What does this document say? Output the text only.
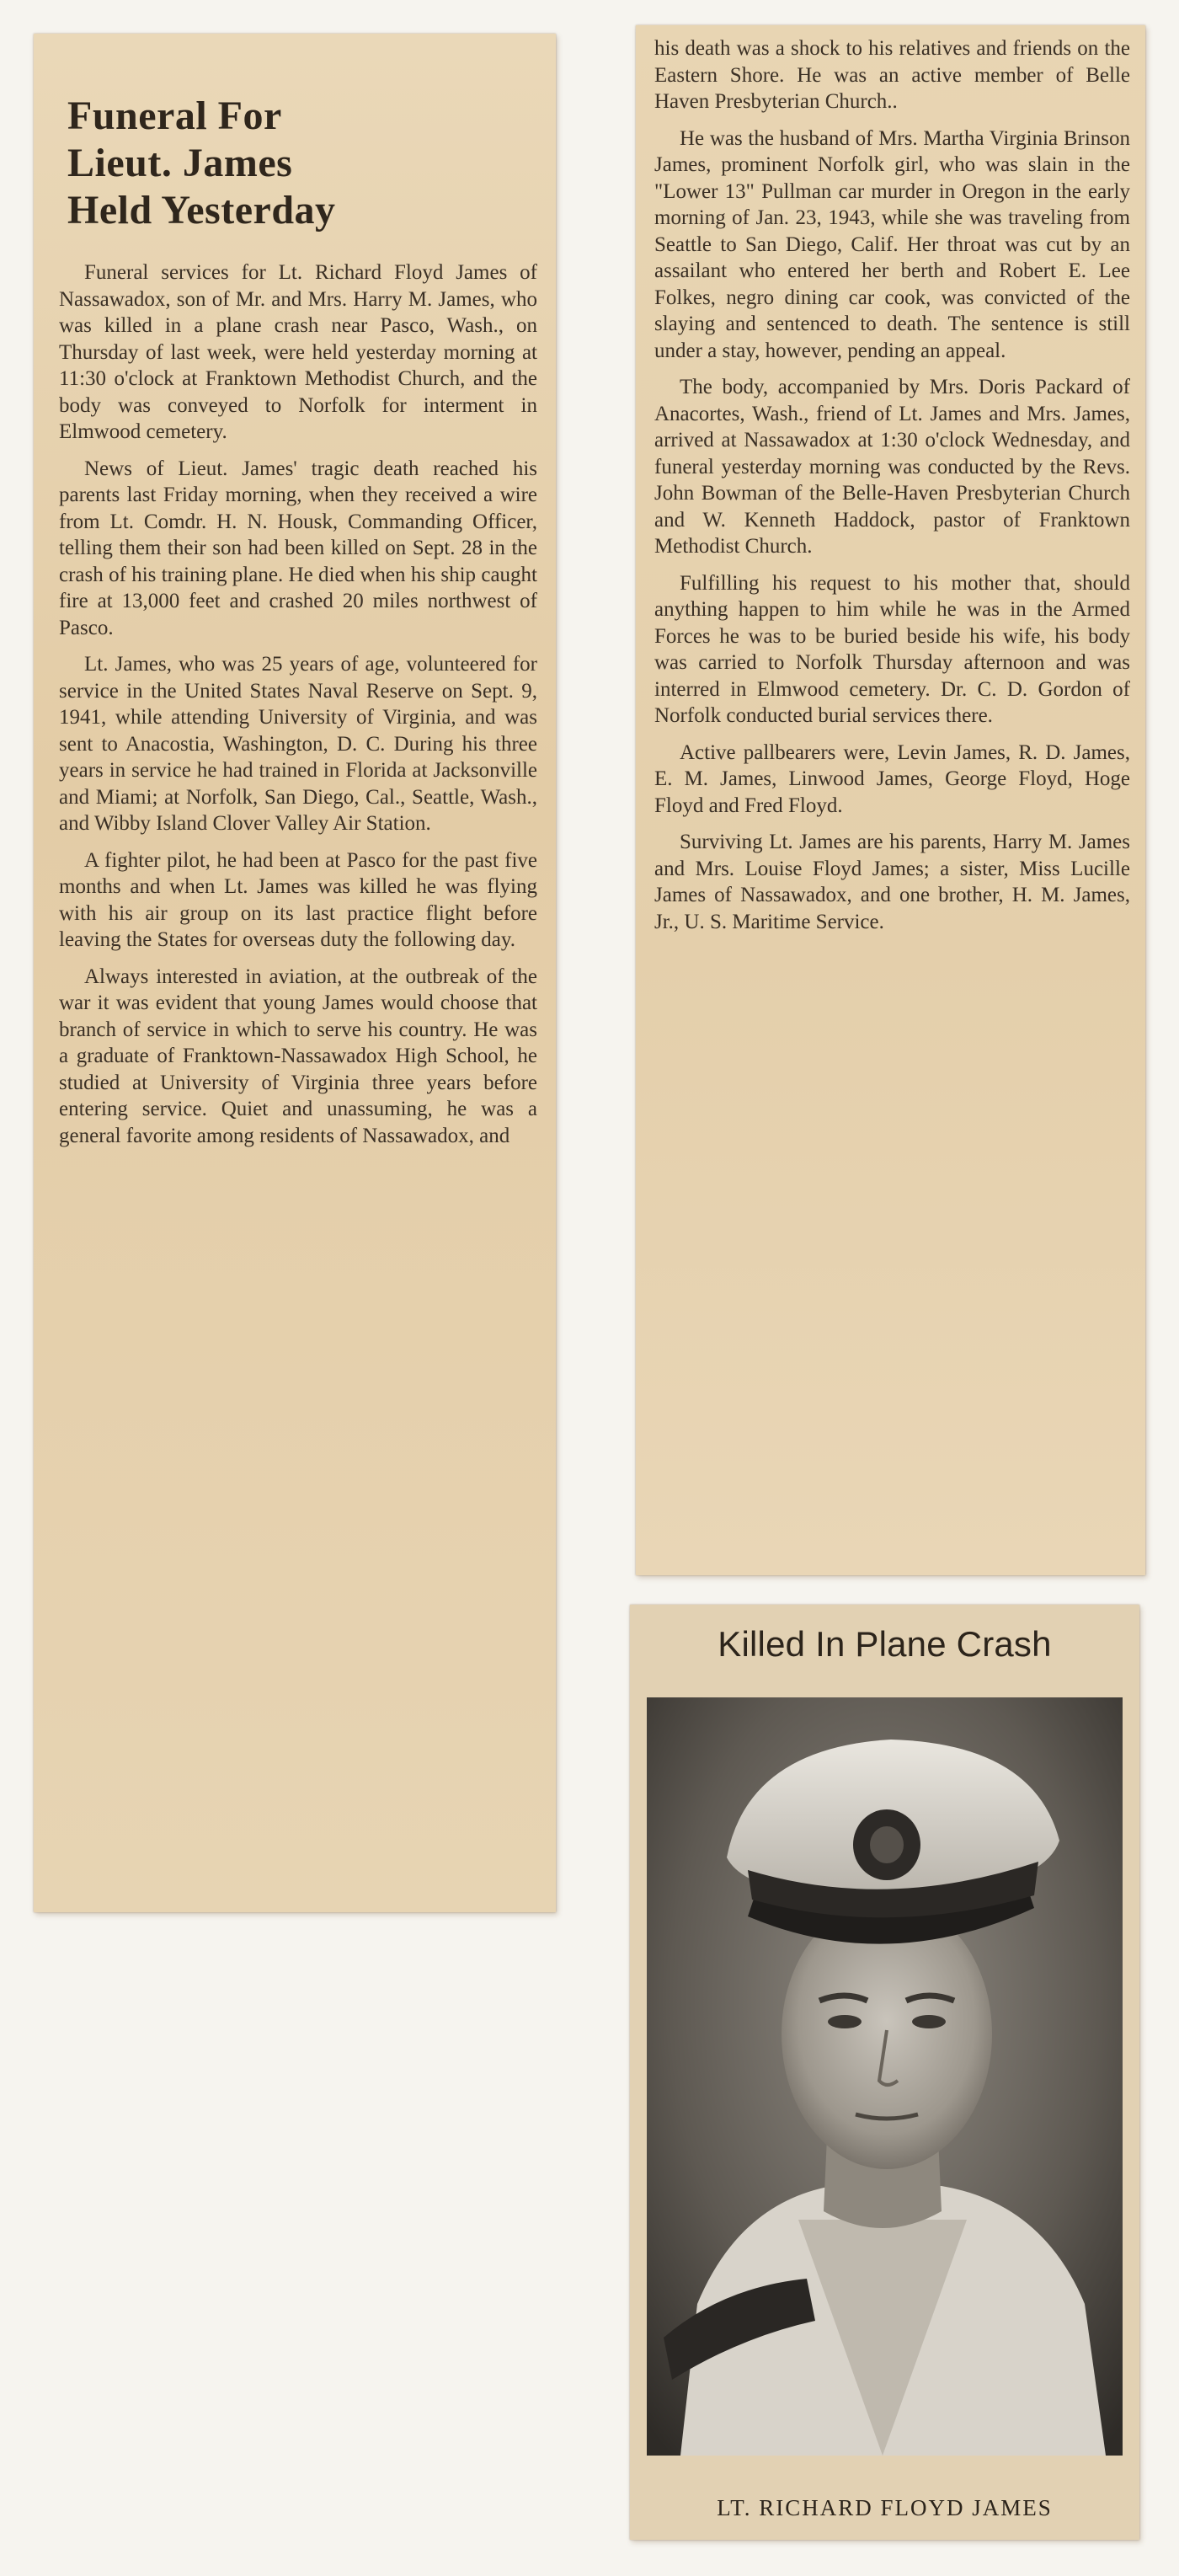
Funeral For
Lieut. James
Held Yesterday

Funeral services for Lt. Richard Floyd James of Nassawadox, son of Mr. and Mrs. Harry M. James, who was killed in a plane crash near Pasco, Wash., on Thursday of last week, were held yesterday morning at 11:30 o'clock at Franktown Methodist Church, and the body was conveyed to Norfolk for interment in Elmwood cemetery.

News of Lieut. James' tragic death reached his parents last Friday morning, when they received a wire from Lt. Comdr. H. N. Housk, Commanding Officer, telling them their son had been killed on Sept. 28 in the crash of his training plane. He died when his ship caught fire at 13,000 feet and crashed 20 miles northwest of Pasco.

Lt. James, who was 25 years of age, volunteered for service in the United States Naval Reserve on Sept. 9, 1941, while attending University of Virginia, and was sent to Anacostia, Washington, D. C. During his three years in service he had trained in Florida at Jacksonville and Miami; at Norfolk, San Diego, Cal., Seattle, Wash., and Wibby Island Clover Valley Air Station.

A fighter pilot, he had been at Pasco for the past five months and when Lt. James was killed he was flying with his air group on its last practice flight before leaving the States for overseas duty the following day.

Always interested in aviation, at the outbreak of the war it was evident that young James would choose that branch of service in which to serve his country. He was a graduate of Franktown-Nassawadox High School, he studied at University of Virginia three years before entering service. Quiet and unassuming, he was a general favorite among residents of Nassawadox, and

his death was a shock to his relatives and friends on the Eastern Shore. He was an active member of Belle Haven Presbyterian Church..

He was the husband of Mrs. Martha Virginia Brinson James, prominent Norfolk girl, who was slain in the "Lower 13" Pullman car murder in Oregon in the early morning of Jan. 23, 1943, while she was traveling from Seattle to San Diego, Calif. Her throat was cut by an assailant who entered her berth and Robert E. Lee Folkes, negro dining car cook, was convicted of the slaying and sentenced to death. The sentence is still under a stay, however, pending an appeal.

The body, accompanied by Mrs. Doris Packard of Anacortes, Wash., friend of Lt. James and Mrs. James, arrived at Nassawadox at 1:30 o'clock Wednesday, and funeral yesterday morning was conducted by the Revs. John Bowman of the Belle-Haven Presbyterian Church and W. Kenneth Haddock, pastor of Franktown Methodist Church.

Fulfilling his request to his mother that, should anything happen to him while he was in the Armed Forces he was to be buried beside his wife, his body was carried to Norfolk Thursday afternoon and was interred in Elmwood cemetery. Dr. C. D. Gordon of Norfolk conducted burial services there.

Active pallbearers were, Levin James, R. D. James, E. M. James, Linwood James, George Floyd, Hoge Floyd and Fred Floyd.

Surviving Lt. James are his parents, Harry M. James and Mrs. Louise Floyd James; a sister, Miss Lucille James of Nassawadox, and one brother, H. M. James, Jr., U. S. Maritime Service.

Killed In Plane Crash
LT. RICHARD FLOYD JAMES
